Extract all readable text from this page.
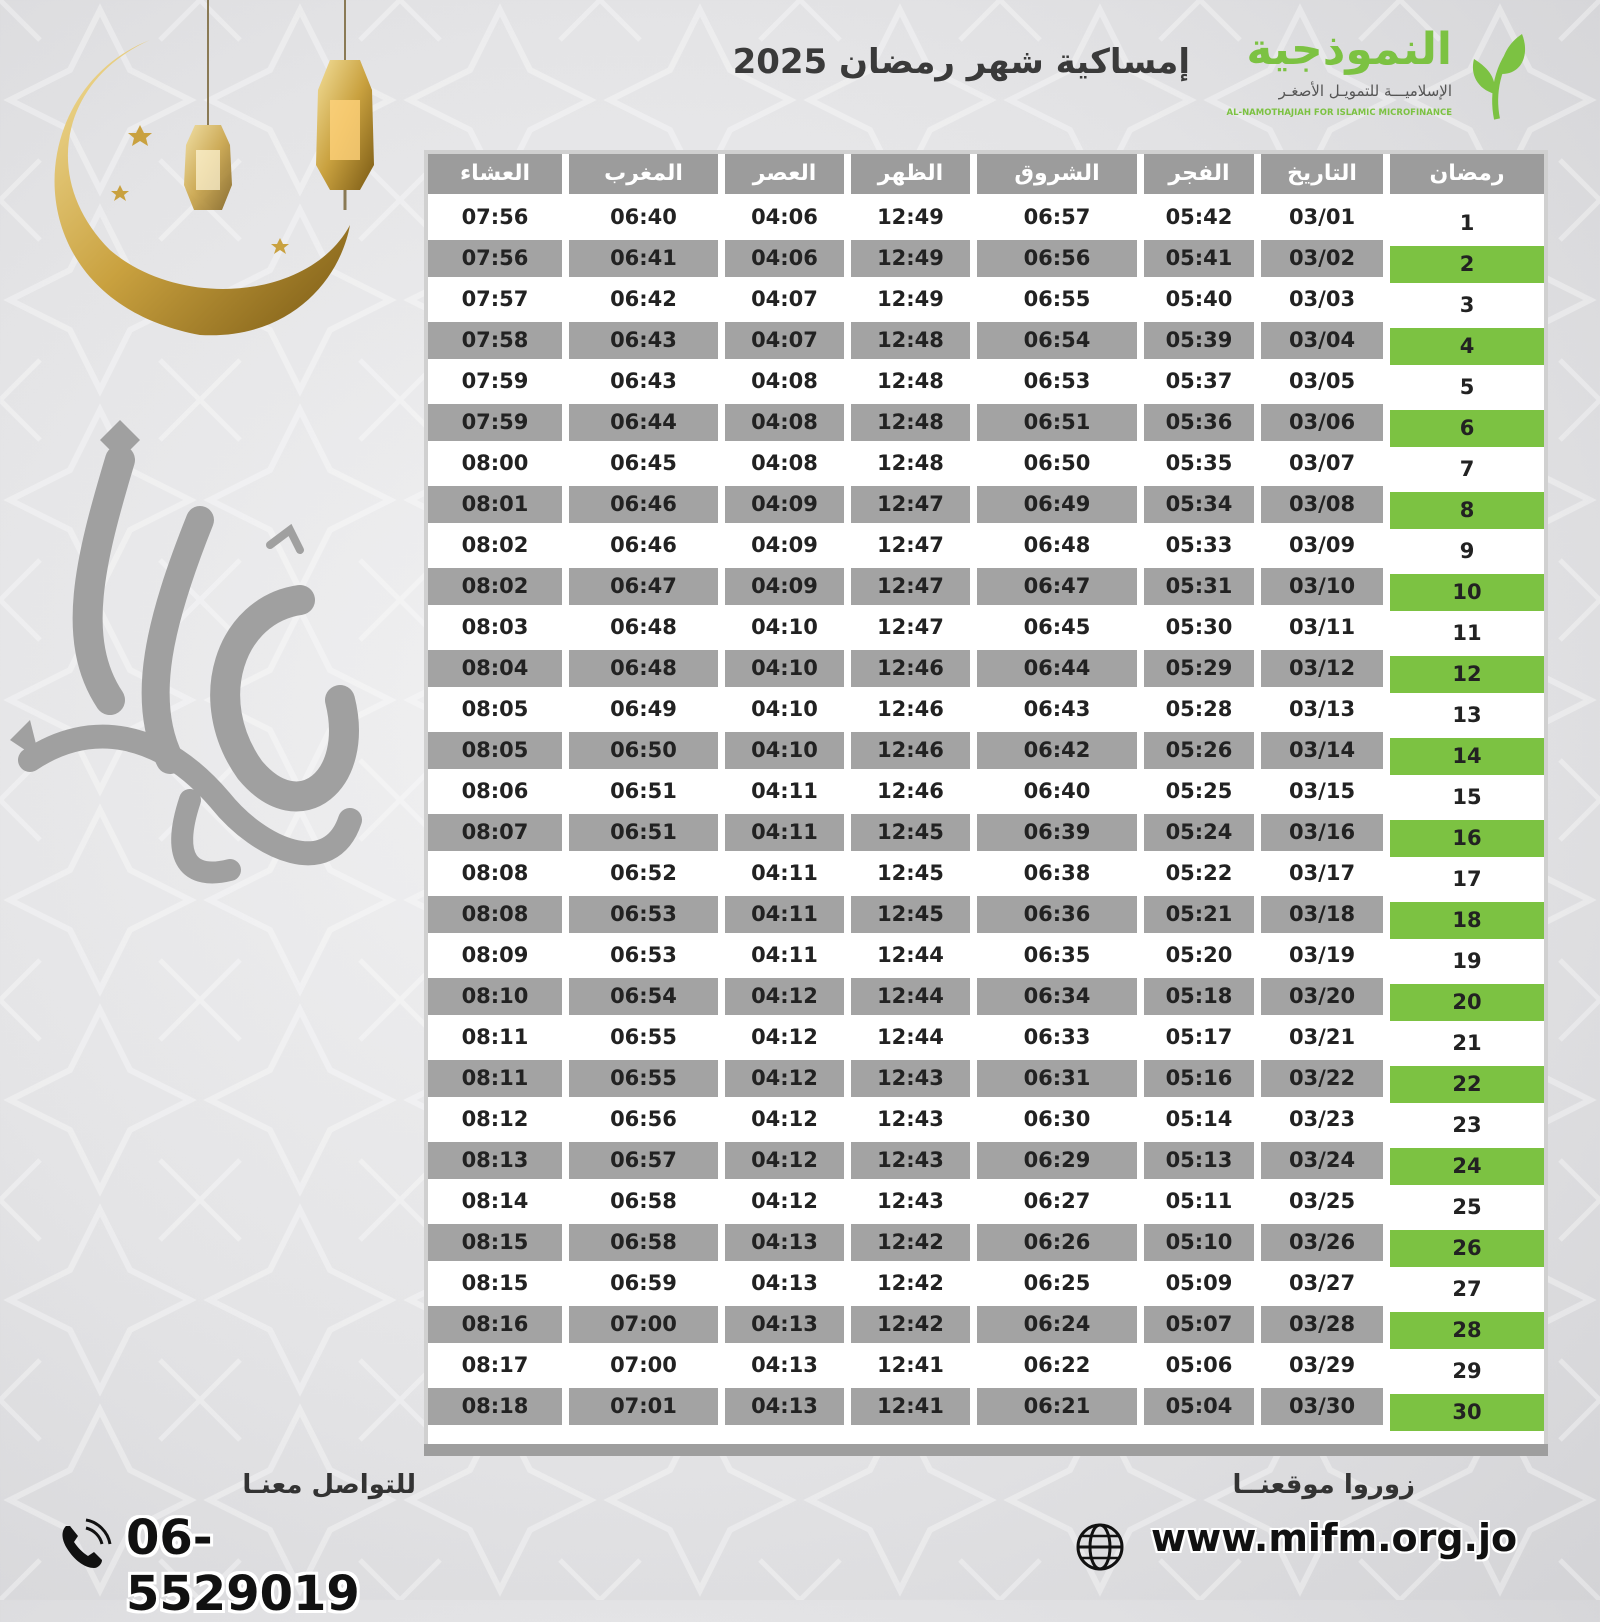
إمساكية شهر رمضان 2025 النموذجية
الإسلاميـــة للتمويـل الأصغـر
AL-NAMOTHAJIAH FOR ISLAMIC MICROFINANCE
العشاء	المغرب	العصر	الظهر	الشروق	الفجر	التاريخ	رمضان
07:56	06:40	04:06	12:49	06:57	05:42	03/01	1
07:56	06:41	04:06	12:49	06:56	05:41	03/02	2
07:57	06:42	04:07	12:49	06:55	05:40	03/03	3
07:58	06:43	04:07	12:48	06:54	05:39	03/04	4
07:59	06:43	04:08	12:48	06:53	05:37	03/05	5
07:59	06:44	04:08	12:48	06:51	05:36	03/06	6
08:00	06:45	04:08	12:48	06:50	05:35	03/07	7
08:01	06:46	04:09	12:47	06:49	05:34	03/08	8
08:02	06:46	04:09	12:47	06:48	05:33	03/09	9
08:02	06:47	04:09	12:47	06:47	05:31	03/10	10
08:03	06:48	04:10	12:47	06:45	05:30	03/11	11
08:04	06:48	04:10	12:46	06:44	05:29	03/12	12
08:05	06:49	04:10	12:46	06:43	05:28	03/13	13
08:05	06:50	04:10	12:46	06:42	05:26	03/14	14
08:06	06:51	04:11	12:46	06:40	05:25	03/15	15
08:07	06:51	04:11	12:45	06:39	05:24	03/16	16
08:08	06:52	04:11	12:45	06:38	05:22	03/17	17
08:08	06:53	04:11	12:45	06:36	05:21	03/18	18
08:09	06:53	04:11	12:44	06:35	05:20	03/19	19
08:10	06:54	04:12	12:44	06:34	05:18	03/20	20
08:11	06:55	04:12	12:44	06:33	05:17	03/21	21
08:11	06:55	04:12	12:43	06:31	05:16	03/22	22
08:12	06:56	04:12	12:43	06:30	05:14	03/23	23
08:13	06:57	04:12	12:43	06:29	05:13	03/24	24
08:14	06:58	04:12	12:43	06:27	05:11	03/25	25
08:15	06:58	04:13	12:42	06:26	05:10	03/26	26
08:15	06:59	04:13	12:42	06:25	05:09	03/27	27
08:16	07:00	04:13	12:42	06:24	05:07	03/28	28
08:17	07:00	04:13	12:41	06:22	05:06	03/29	29
08:18	07:01	04:13	12:41	06:21	05:04	03/30	30
للتواصل معنـا
06-5529019
زوروا موقعنــا
www.mifm.org.jo
